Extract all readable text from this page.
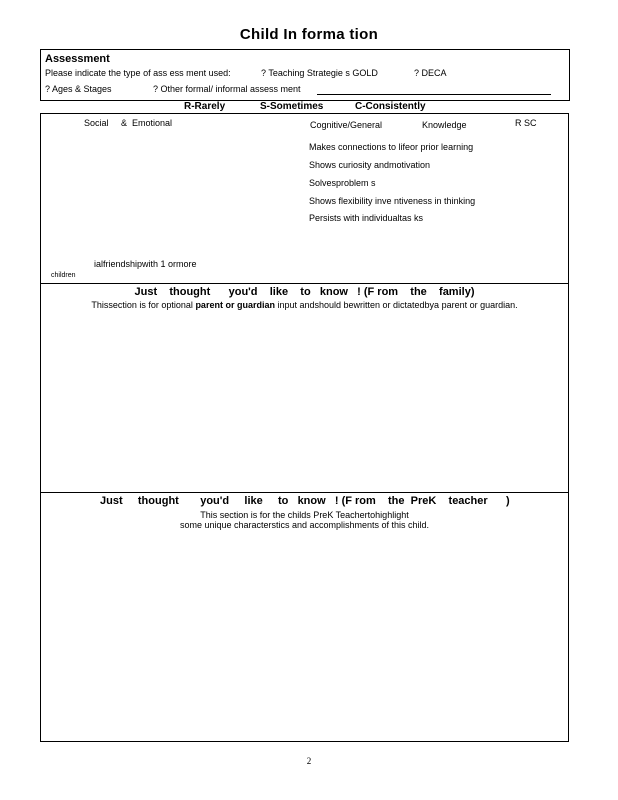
Child In forma tion
Assessment
Please indicate the type of ass ess ment used:	? Teaching Strategie s GOLD	? DECA
? Ages & Stages	? Other formal/ informal assess ment
R-Rarely	S-Sometimes	C-Consistently
Social     &  Emotional	Cognitive/General	Knowledge	R SC
Makes connections to lifeor prior learning
Shows curiosity andmotivation
Solvesproblem s
Shows flexibility inve ntiveness in thinking
Persists with individualtas ks
ialfriendshipwith 1 ormore
children
Just    thought      you'd    like    to   know   ! (F rom    the    family)
Thissection is for optional parent or guardian input andshould bewritten or dictatedbya parent or guardian.
Just     thought       you'd     like     to   know   ! (F rom    the  PreK    teacher      )
This section is for the childs PreK Teachertohighlight
some unique characterstics and accomplishments of this child.
2
